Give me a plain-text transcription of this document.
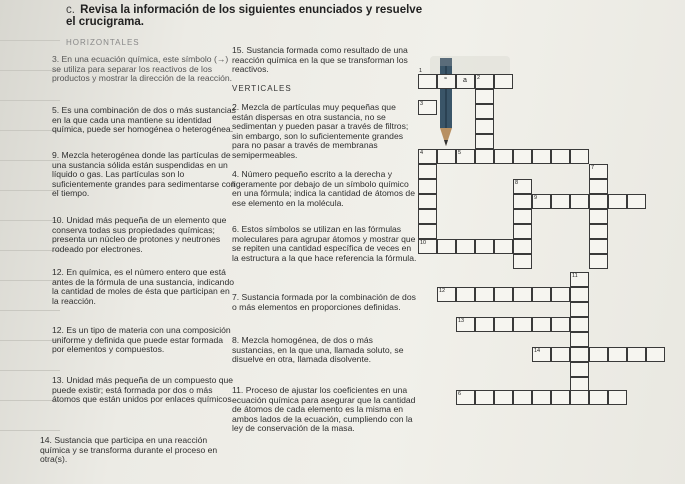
c. Revisa la información de los siguientes enunciados y resuelve el crucigrama.
HORIZONTALES

3. En una ecuación química, este símbolo (→) se utiliza para separar los reactivos de los productos y mostrar la dirección de la reacción.

5. Es una combinación de dos o más sustancias en la que cada una mantiene su identidad química, puede ser homogénea o heterogénea.

9. Mezcla heterogénea donde las partículas de una sustancia sólida están suspendidas en un líquido o gas. Las partículas son lo suficientemente grandes para sedimentarse con el tiempo.

10. Unidad más pequeña de un elemento que conserva todas sus propiedades químicas; presenta un núcleo de protones y neutrones rodeado por electrones.

12. En química, es el número entero que está antes de la fórmula de una sustancia, indicando la cantidad de moles de ésta que participan en la reacción.

12. Es un tipo de materia con una composición uniforme y definida que puede estar formada por elementos y compuestos.

13. Unidad más pequeña de un compuesto que puede existir; está formada por dos o más átomos que están unidos por enlaces químicos.

14. Sustancia que participa en una reacción química y se transforma durante el proceso en otra(s).

15. Sustancia formada como resultado de una reacción química en la que se transforman los reactivos.

VERTICALES

2. Mezcla de partículas muy pequeñas que están dispersas en otra sustancia, no se sedimentan y pueden pasar a través de filtros; sin embargo, son lo suficientemente grandes para no pasar a través de membranas semipermeables.

4. Número pequeño escrito a la derecha y ligeramente por debajo de un símbolo químico en una fórmula; indica la cantidad de átomos de ese elemento en la molécula.

6. Estos símbolos se utilizan en las fórmulas moleculares para agrupar átomos y mostrar que se repiten una cantidad específica de veces en la estructura a la que hace referencia la fórmula.

7. Sustancia formada por la combinación de dos o más elementos en proporciones definidas.

8. Mezcla homogénea, de dos o más sustancias, en la que una, llamada soluto, se disuelve en otra, llamada disolvente.

11. Proceso de ajustar los coeficientes en una ecuación química para asegurar que la cantidad de átomos de cada elemento es la misma en ambos lados de la ecuación, cumpliendo con la ley de conservación de la masa.

≈ a 2
1
3
4	5
7
8
9
10
11
12
13
14
6
